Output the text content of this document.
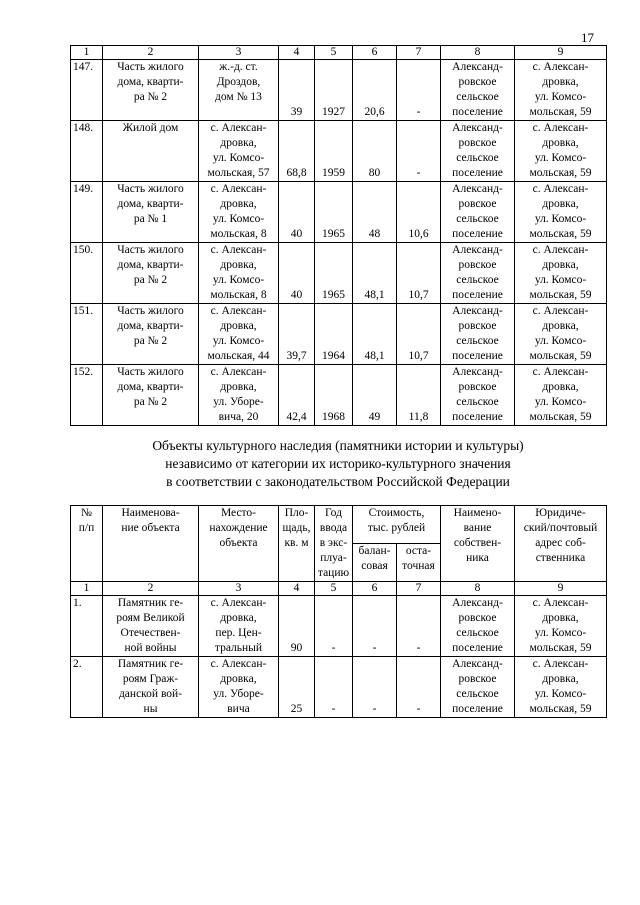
17
1	2	3	4	5	6	7	8	9
147.	Часть жилого
дома, кварти-
ра № 2	ж.-д. ст.
Дроздов,
дом № 13	39	1927	20,6	-	Александ-
ровское
сельское
поселение	с. Алексан-
дровка,
ул. Комсо-
мольская, 59
148.	Жилой дом	с. Алексан-
дровка,
ул. Комсо-
мольская, 57	68,8	1959	80	-	Александ-
ровское
сельское
поселение	с. Алексан-
дровка,
ул. Комсо-
мольская, 59
149.	Часть жилого
дома, кварти-
ра № 1	с. Алексан-
дровка,
ул. Комсо-
мольская, 8	40	1965	48	10,6	Александ-
ровское
сельское
поселение	с. Алексан-
дровка,
ул. Комсо-
мольская, 59
150.	Часть жилого
дома, кварти-
ра № 2	с. Алексан-
дровка,
ул. Комсо-
мольская, 8	40	1965	48,1	10,7	Александ-
ровское
сельское
поселение	с. Алексан-
дровка,
ул. Комсо-
мольская, 59
151.	Часть жилого
дома, кварти-
ра № 2	с. Алексан-
дровка,
ул. Комсо-
мольская, 44	39,7	1964	48,1	10,7	Александ-
ровское
сельское
поселение	с. Алексан-
дровка,
ул. Комсо-
мольская, 59
152.	Часть жилого
дома, кварти-
ра № 2	с. Алексан-
дровка,
ул. Уборе-
вича, 20	42,4	1968	49	11,8	Александ-
ровское
сельское
поселение	с. Алексан-
дровка,
ул. Комсо-
мольская, 59
Объекты культурного наследия (памятники истории и культуры)
независимо от категории их историко-культурного значения
в соответствии с законодательством Российской Федерации
№
п/п	Наименова-
ние объекта	Место-
нахождение
объекта	Пло-
щадь,
кв. м	Год
ввода
в экс-
плуа-
тацию	Стоимость,
тыс. рублей		Наимено-
вание
собствен-
ника	Юридиче-
ский/почтовый
адрес соб-
ственника
					балан-
совая	оста-
точная		
1	2	3	4	5	6	7	8	9
1.	Памятник ге-
роям Великой
Отечествен-
ной войны	с. Алексан-
дровка,
пер. Цен-
тральный	90	-	-	-	Александ-
ровское
сельское
поселение	с. Алексан-
дровка,
ул. Комсо-
мольская, 59
2.	Памятник ге-
роям Граж-
данской вой-
ны	с. Алексан-
дровка,
ул. Уборе-
вича	25	-	-	-	Александ-
ровское
сельское
поселение	с. Алексан-
дровка,
ул. Комсо-
мольская, 59
